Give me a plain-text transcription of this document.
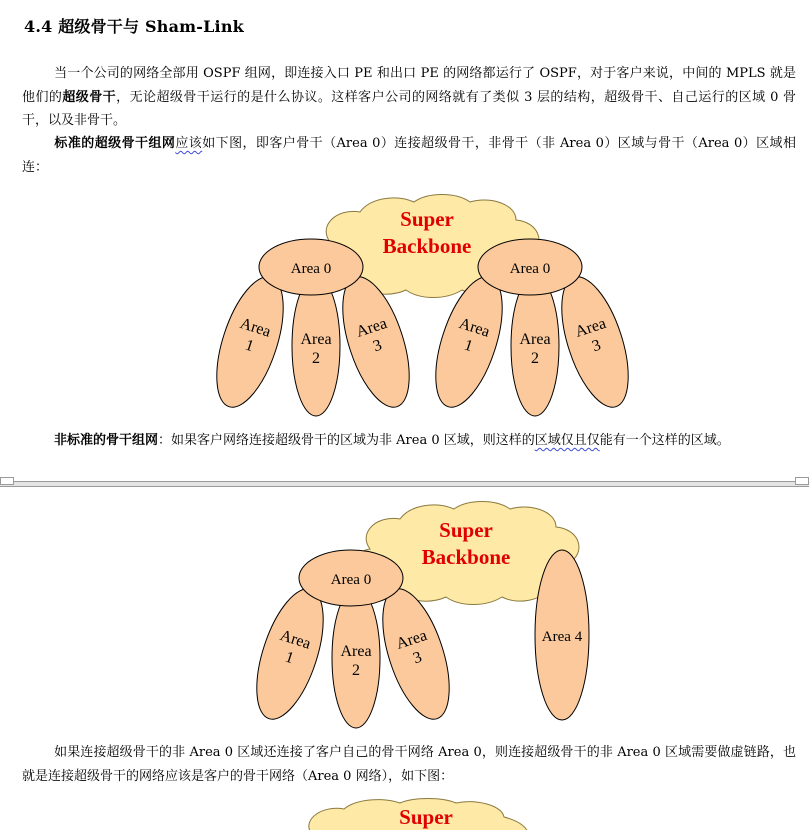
4.4 超级骨干与 Sham-Link
当一个公司的网络全部用 OSPF 组网，即连接入口 PE 和出口 PE 的网络都运行了 OSPF，对于客户来说，中间的 MPLS 就是他们的超级骨干，无论超级骨干运行的是什么协议。这样客户公司的网络就有了类似 3 层的结构，超级骨干、自己运行的区域 0 骨干，以及非骨干。
标准的超级骨干组网应该如下图，即客户骨干（Area 0）连接超级骨干，非骨干（非 Area 0）区域与骨干（Area 0）区域相连：
Super
Backbone
Area 0
Area1	Area 2
Area3
Area 0
Area1	Area 2
Area3
非标准的骨干组网：如果客户网络连接超级骨干的区域为非 Area 0 区域，则这样的区域仅且仅能有一个这样的区域。
Super
Backbone
Area 0
Area1	Area 2
Area3
Area 4
如果连接超级骨干的非 Area 0 区域还连接了客户自己的骨干网络 Area 0，则连接超级骨干的非 Area 0 区域需要做虚链路，也就是连接超级骨干的网络应该是客户的骨干网络（Area 0 网络），如下图：
Super
